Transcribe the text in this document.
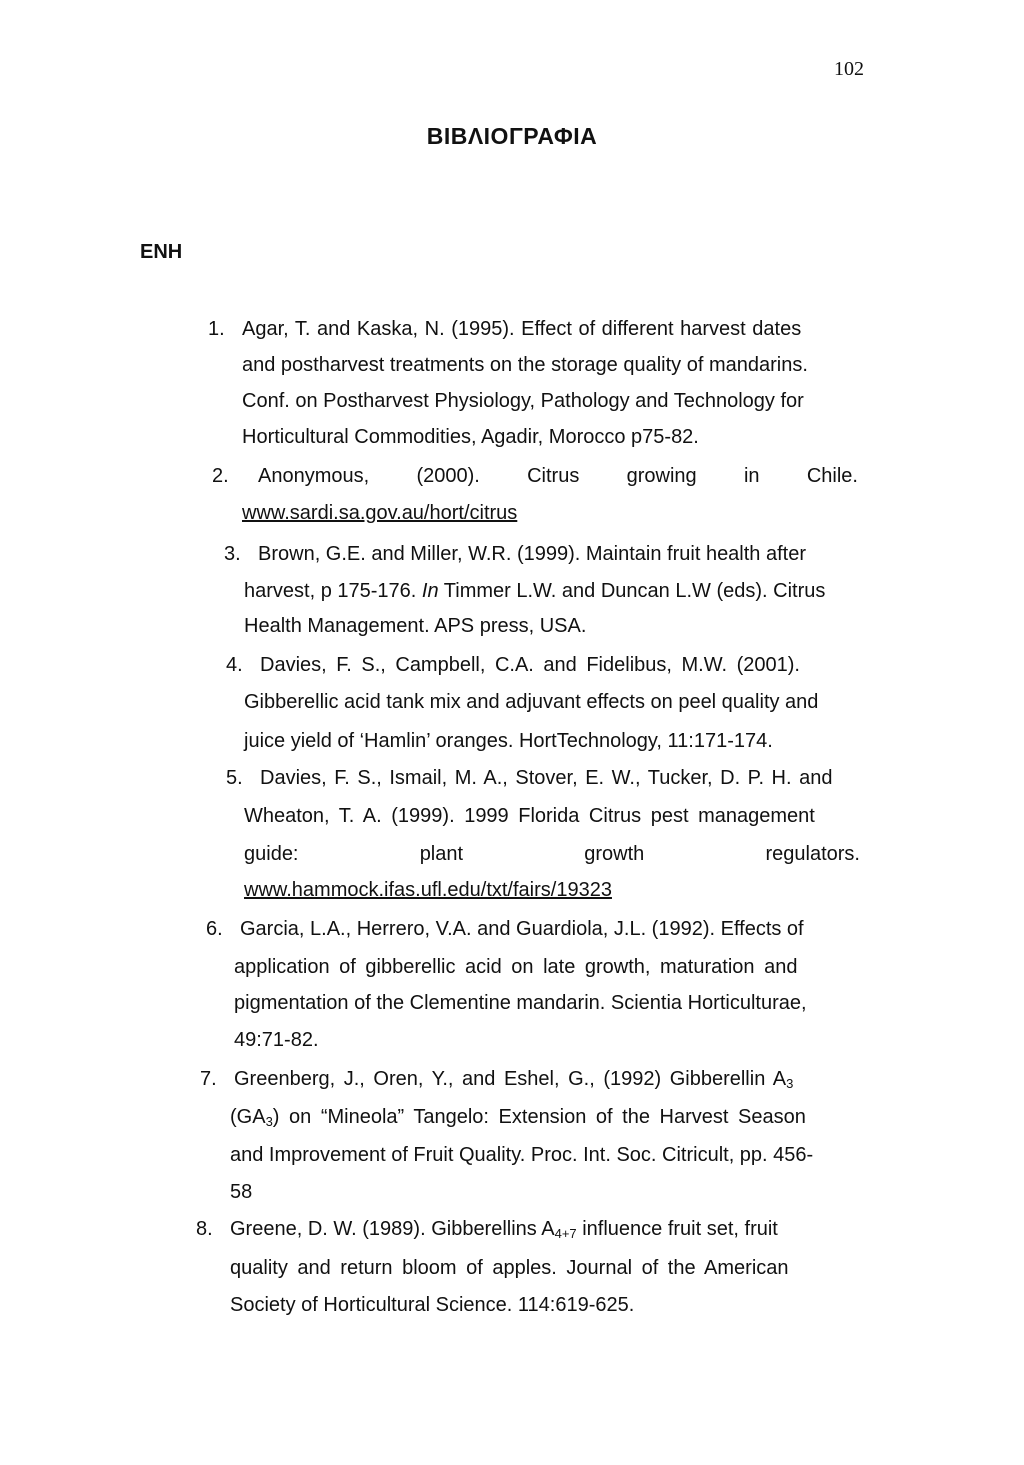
102
ΒΙΒΛΙΟΓΡΑΦΙΑ
ΕΝΗ
1. Agar, T. and Kaska, N. (1995). Effect of different harvest dates
and postharvest treatments on the storage quality of mandarins.
Conf. on Postharvest Physiology, Pathology and Technology for
Horticultural Commodities, Agadir, Morocco p75-82.
2. Anonymous, (2000). Citrus growing in Chile.
www.sardi.sa.gov.au/hort/citrus
3. Brown, G.E. and Miller, W.R. (1999). Maintain fruit health after
harvest, p 175-176. In Timmer L.W. and Duncan L.W (eds). Citrus
Health Management. APS press, USA.
4. Davies, F. S., Campbell, C.A. and Fidelibus, M.W. (2001).
Gibberellic acid tank mix and adjuvant effects on peel quality and
juice yield of ‘Hamlin’ oranges. HortTechnology, 11:171-174.
5. Davies, F. S., Ismail, M. A., Stover, E. W., Tucker, D. P. H. and
Wheaton, T. A. (1999). 1999 Florida Citrus pest management
guide:	plant	growth	regulators.
www.hammock.ifas.ufl.edu/txt/fairs/19323
6. Garcia, L.A., Herrero, V.A. and Guardiola, J.L. (1992). Effects of
application of gibberellic acid on late growth, maturation and
pigmentation of the Clementine mandarin. Scientia Horticulturae,
49:71-82.
7. Greenberg, J., Oren, Y., and Eshel, G., (1992) Gibberellin $A_3$
$(GA_3)$ on “Mineola” Tangelo: Extension of the Harvest Season
and Improvement of Fruit Quality. Proc. Int. Soc. Citricult, pp. 456-
58
8. Greene, D. W. (1989). Gibberellins $A_{4+7}$ influence fruit set, fruit
quality and return bloom of apples. Journal of the American
Society of Horticultural Science. 114:619-625.
